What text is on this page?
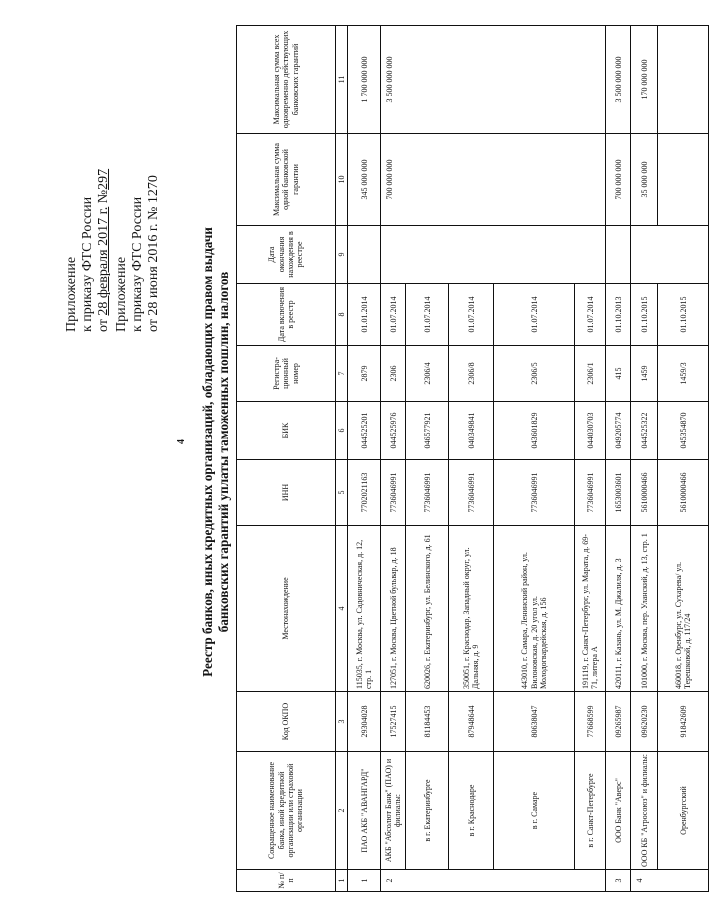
4
Приложение к приказу ФТС России от 28 февраля 2017 г. №297
Приложение к приказу ФТС России от 28 июня 2016 г. № 1270	Реестр банков, иных кредитных организаций, обладающих правом выдачи банковских гарантий уплаты таможенных пошлин, налогов
№ п/п	Сокращенное наименование банка, иной кредитной организации или страховой организации	Код ОКПО	Местонахождение	ИНН	БИК	Регистра-ционный номер	Дата включения в реестр	Дата окончания нахождения в реестре	Максимальная сумма одной банковской гарантии	Максимальная сумма всех одновременно действующих банковских гарантий
1	2	3	4	5	6	7	8	9	10	11
1	ПАО АКБ "АВАНГАРД"	29304028	115035, г. Москва, ул. Садовническая, д. 12, стр. 1	7702021163	044525201	2879	01.01.2014		345 000 000	1 700 000 000
2	АКБ "Абсолют Банк" (ПАО) и филиалы:	17527415	127051, г. Москва, Цветной бульвар, д. 18	7736046991	044525976	2306	01.07.2014		700 000 000	3 500 000 000
	в г. Екатеринбурге	81184453	620026, г. Екатеринбург, ул. Белинского, д. 61	7736046991	046577921	2306/4	01.07.2014			
	в г. Краснодаре	87948644	350051, г. Краснодар, Западный округ, ул. Дальняя, д. 9	7736046991	040349841	2306/8	01.07.2014			
	в г. Самаре	80638047	443010, г. Самара, Ленинский район, ул. Вилоновская, д. 20 угол ул. Молодогвардейская, д. 156	7736046991	043601829	2306/5	01.07.2014			
	в г. Санкт-Петербурге	77668599	191119, г. Санкт-Петербург, ул. Марата, д. 69-71, литера А	7736046991	044030703	2306/1	01.07.2014			
3	ООО Банк "Аверс"	09265987	420111, г. Казань, ул. М. Джалиля, д. 3	1653003601	049205774	415	01.10.2013		700 000 000	3 500 000 000
4	ООО КБ "Агросоюз" и филиалы:	09620230	101000, г. Москва, пер. Уланский, д. 13, стр. 1	5610000466	044525322	1459	01.10.2015		35 000 000	170 000 000
	Оренбургский	91842609	460018, г. Оренбург, ул. Сухарева/ ул. Терешковой, д. 117/24	5610000466	045354870	1459/3	01.10.2015			
